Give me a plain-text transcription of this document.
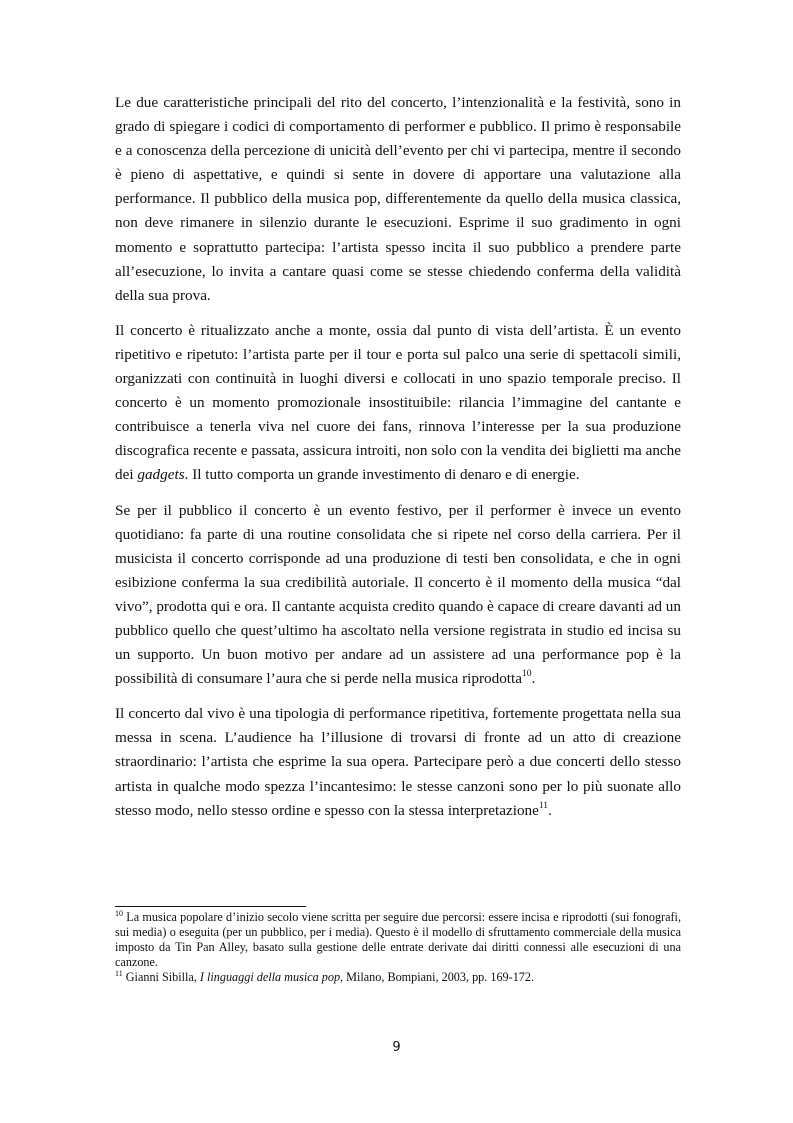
Le due caratteristiche principali del rito del concerto, l’intenzionalità e la festività, sono in grado di spiegare i codici di comportamento di performer e pubblico. Il primo è responsabile e a conoscenza della percezione di unicità dell’evento per chi vi partecipa, mentre il secondo è pieno di aspettative, e quindi si sente in dovere di apportare una valutazione alla performance. Il pubblico della musica pop, differentemente da quello della musica classica, non deve rimanere in silenzio durante le esecuzioni. Esprime il suo gradimento in ogni momento e soprattutto partecipa: l’artista spesso incita il suo pubblico a prendere parte all’esecuzione, lo invita a cantare quasi come se stesse chiedendo conferma della validità della sua prova.

Il concerto è ritualizzato anche a monte, ossia dal punto di vista dell’artista. È un evento ripetitivo e ripetuto: l’artista parte per il tour e porta sul palco una serie di spettacoli simili, organizzati con continuità in luoghi diversi e collocati in uno spazio temporale preciso. Il concerto è un momento promozionale insostituibile: rilancia l’immagine del cantante e contribuisce a tenerla viva nel cuore dei fans, rinnova l’interesse per la sua produzione discografica recente e passata, assicura introiti, non solo con la vendita dei biglietti ma anche dei gadgets. Il tutto comporta un grande investimento di denaro e di energie.

Se per il pubblico il concerto è un evento festivo, per il performer è invece un evento quotidiano: fa parte di una routine consolidata che si ripete nel corso della carriera. Per il musicista il concerto corrisponde ad una produzione di testi ben consolidata, e che in ogni esibizione conferma la sua credibilità autoriale. Il concerto è il momento della musica “dal vivo”, prodotta qui e ora. Il cantante acquista credito quando è capace di creare davanti ad un pubblico quello che quest’ultimo ha ascoltato nella versione registrata in studio ed incisa su un supporto. Un buon motivo per andare ad un assistere ad una performance pop è la possibilità di consumare l’aura che si perde nella musica riprodotta$^{10}$.

Il concerto dal vivo è una tipologia di performance ripetitiva, fortemente progettata nella sua messa in scena. L’audience ha l’illusione di trovarsi di fronte ad un atto di creazione straordinario: l’artista che esprime la sua opera. Partecipare però a due concerti dello stesso artista in qualche modo spezza l’incantesimo: le stesse canzoni sono per lo più suonate allo stesso modo, nello stesso ordine e spesso con la stessa interpretazione$^{11}$.

$^{10}$ La musica popolare d’inizio secolo viene scritta per seguire due percorsi: essere incisa e riprodotti (sui fonografi, sui media) o eseguita (per un pubblico, per i media). Questo è il modello di sfruttamento commerciale della musica imposto da Tin Pan Alley, basato sulla gestione delle entrate derivate dai diritti connessi alle esecuzioni di una canzone.

$^{11}$ Gianni Sibilla, I linguaggi della musica pop, Milano, Bompiani, 2003, pp. 169-172.

9
